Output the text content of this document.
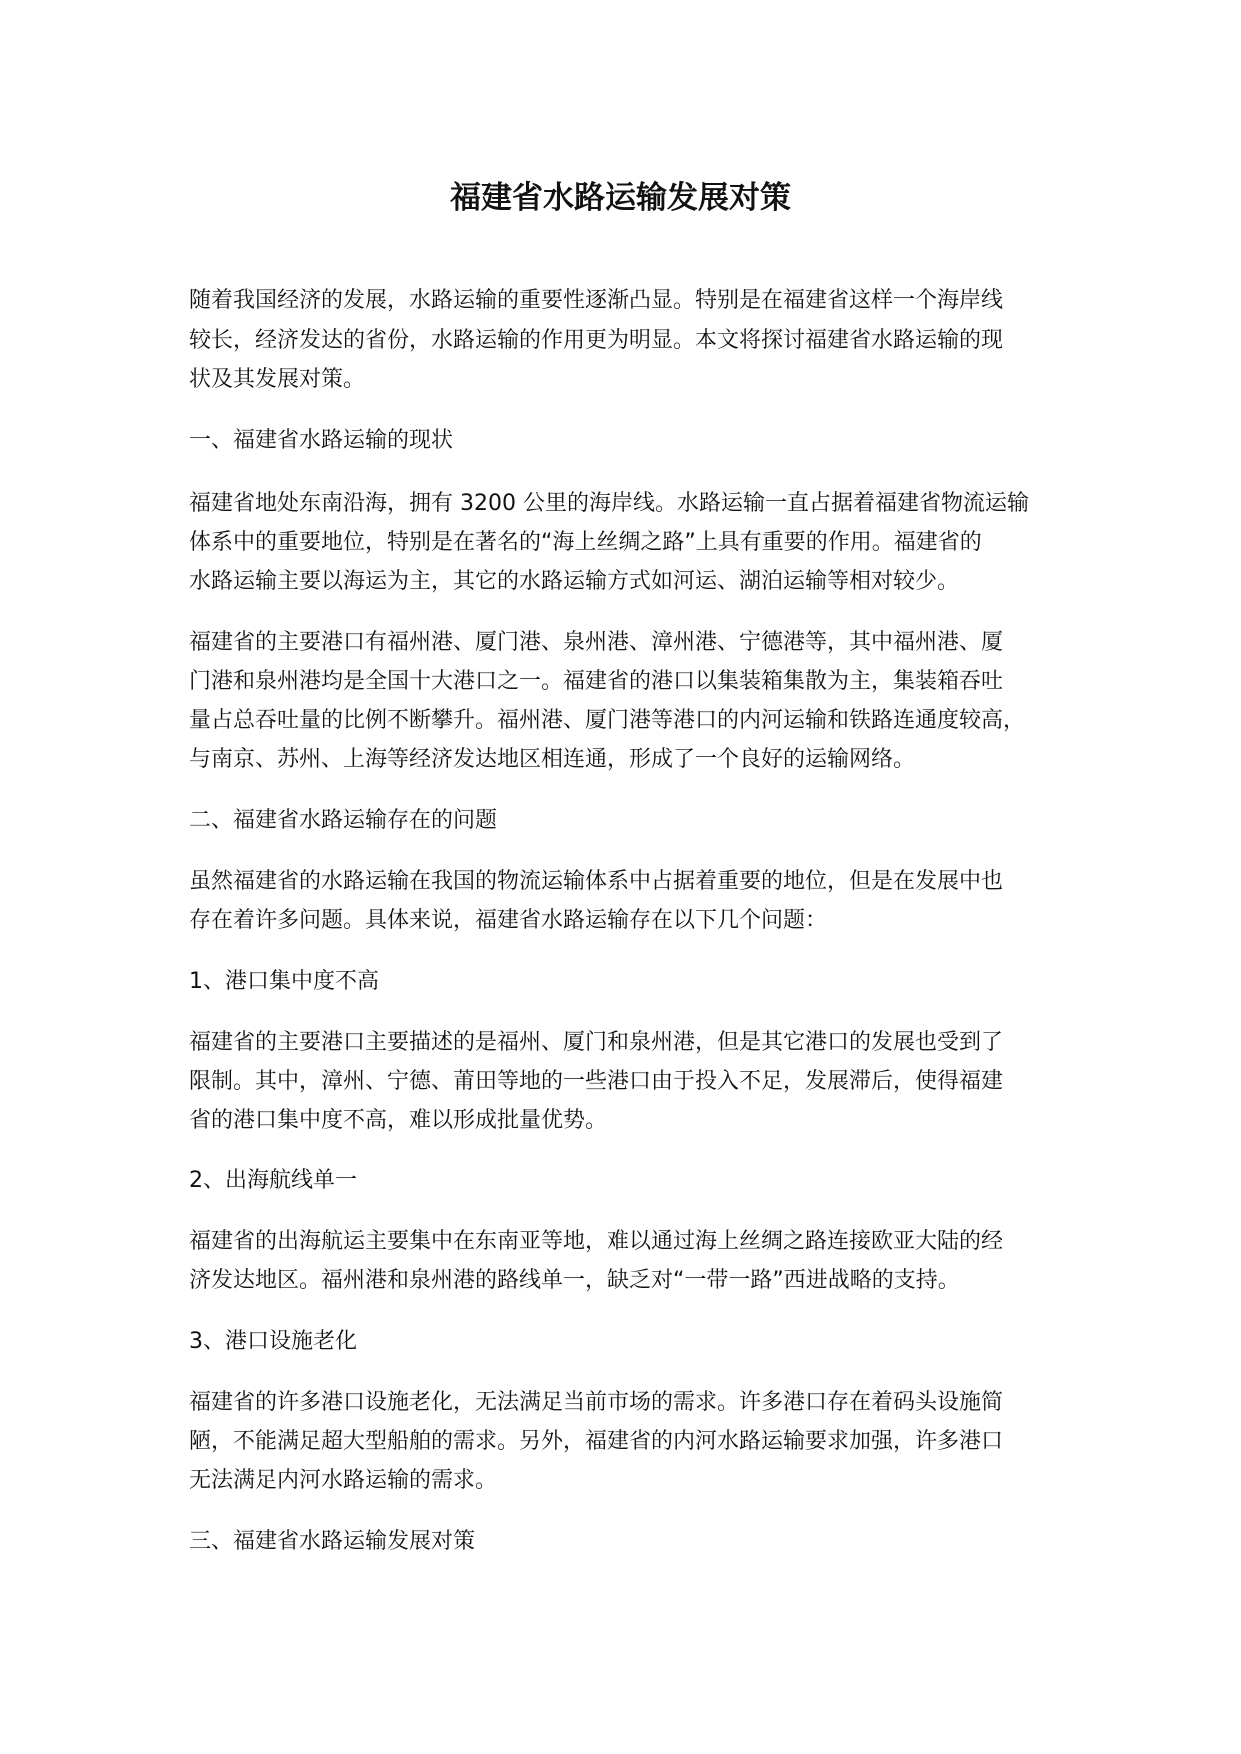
福建省水路运输发展对策

随着我国经济的发展，水路运输的重要性逐渐凸显。特别是在福建省这样一个海岸线

较长，经济发达的省份，水路运输的作用更为明显。本文将探讨福建省水路运输的现

状及其发展对策。

一、福建省水路运输的现状

福建省地处东南沿海，拥有 3200 公里的海岸线。水路运输一直占据着福建省物流运输

体系中的重要地位，特别是在著名的“海上丝绸之路”上具有重要的作用。福建省的

水路运输主要以海运为主，其它的水路运输方式如河运、湖泊运输等相对较少。

福建省的主要港口有福州港、厦门港、泉州港、漳州港、宁德港等，其中福州港、厦

门港和泉州港均是全国十大港口之一。福建省的港口以集装箱集散为主，集装箱吞吐

量占总吞吐量的比例不断攀升。福州港、厦门港等港口的内河运输和铁路连通度较高，

与南京、苏州、上海等经济发达地区相连通，形成了一个良好的运输网络。

二、福建省水路运输存在的问题

虽然福建省的水路运输在我国的物流运输体系中占据着重要的地位，但是在发展中也

存在着许多问题。具体来说，福建省水路运输存在以下几个问题：

1、港口集中度不高

福建省的主要港口主要描述的是福州、厦门和泉州港，但是其它港口的发展也受到了

限制。其中，漳州、宁德、莆田等地的一些港口由于投入不足，发展滞后，使得福建

省的港口集中度不高，难以形成批量优势。

2、出海航线单一

福建省的出海航运主要集中在东南亚等地，难以通过海上丝绸之路连接欧亚大陆的经

济发达地区。福州港和泉州港的路线单一，缺乏对“一带一路”西进战略的支持。

3、港口设施老化

福建省的许多港口设施老化，无法满足当前市场的需求。许多港口存在着码头设施简

陋，不能满足超大型船舶的需求。另外，福建省的内河水路运输要求加强，许多港口

无法满足内河水路运输的需求。

三、福建省水路运输发展对策
